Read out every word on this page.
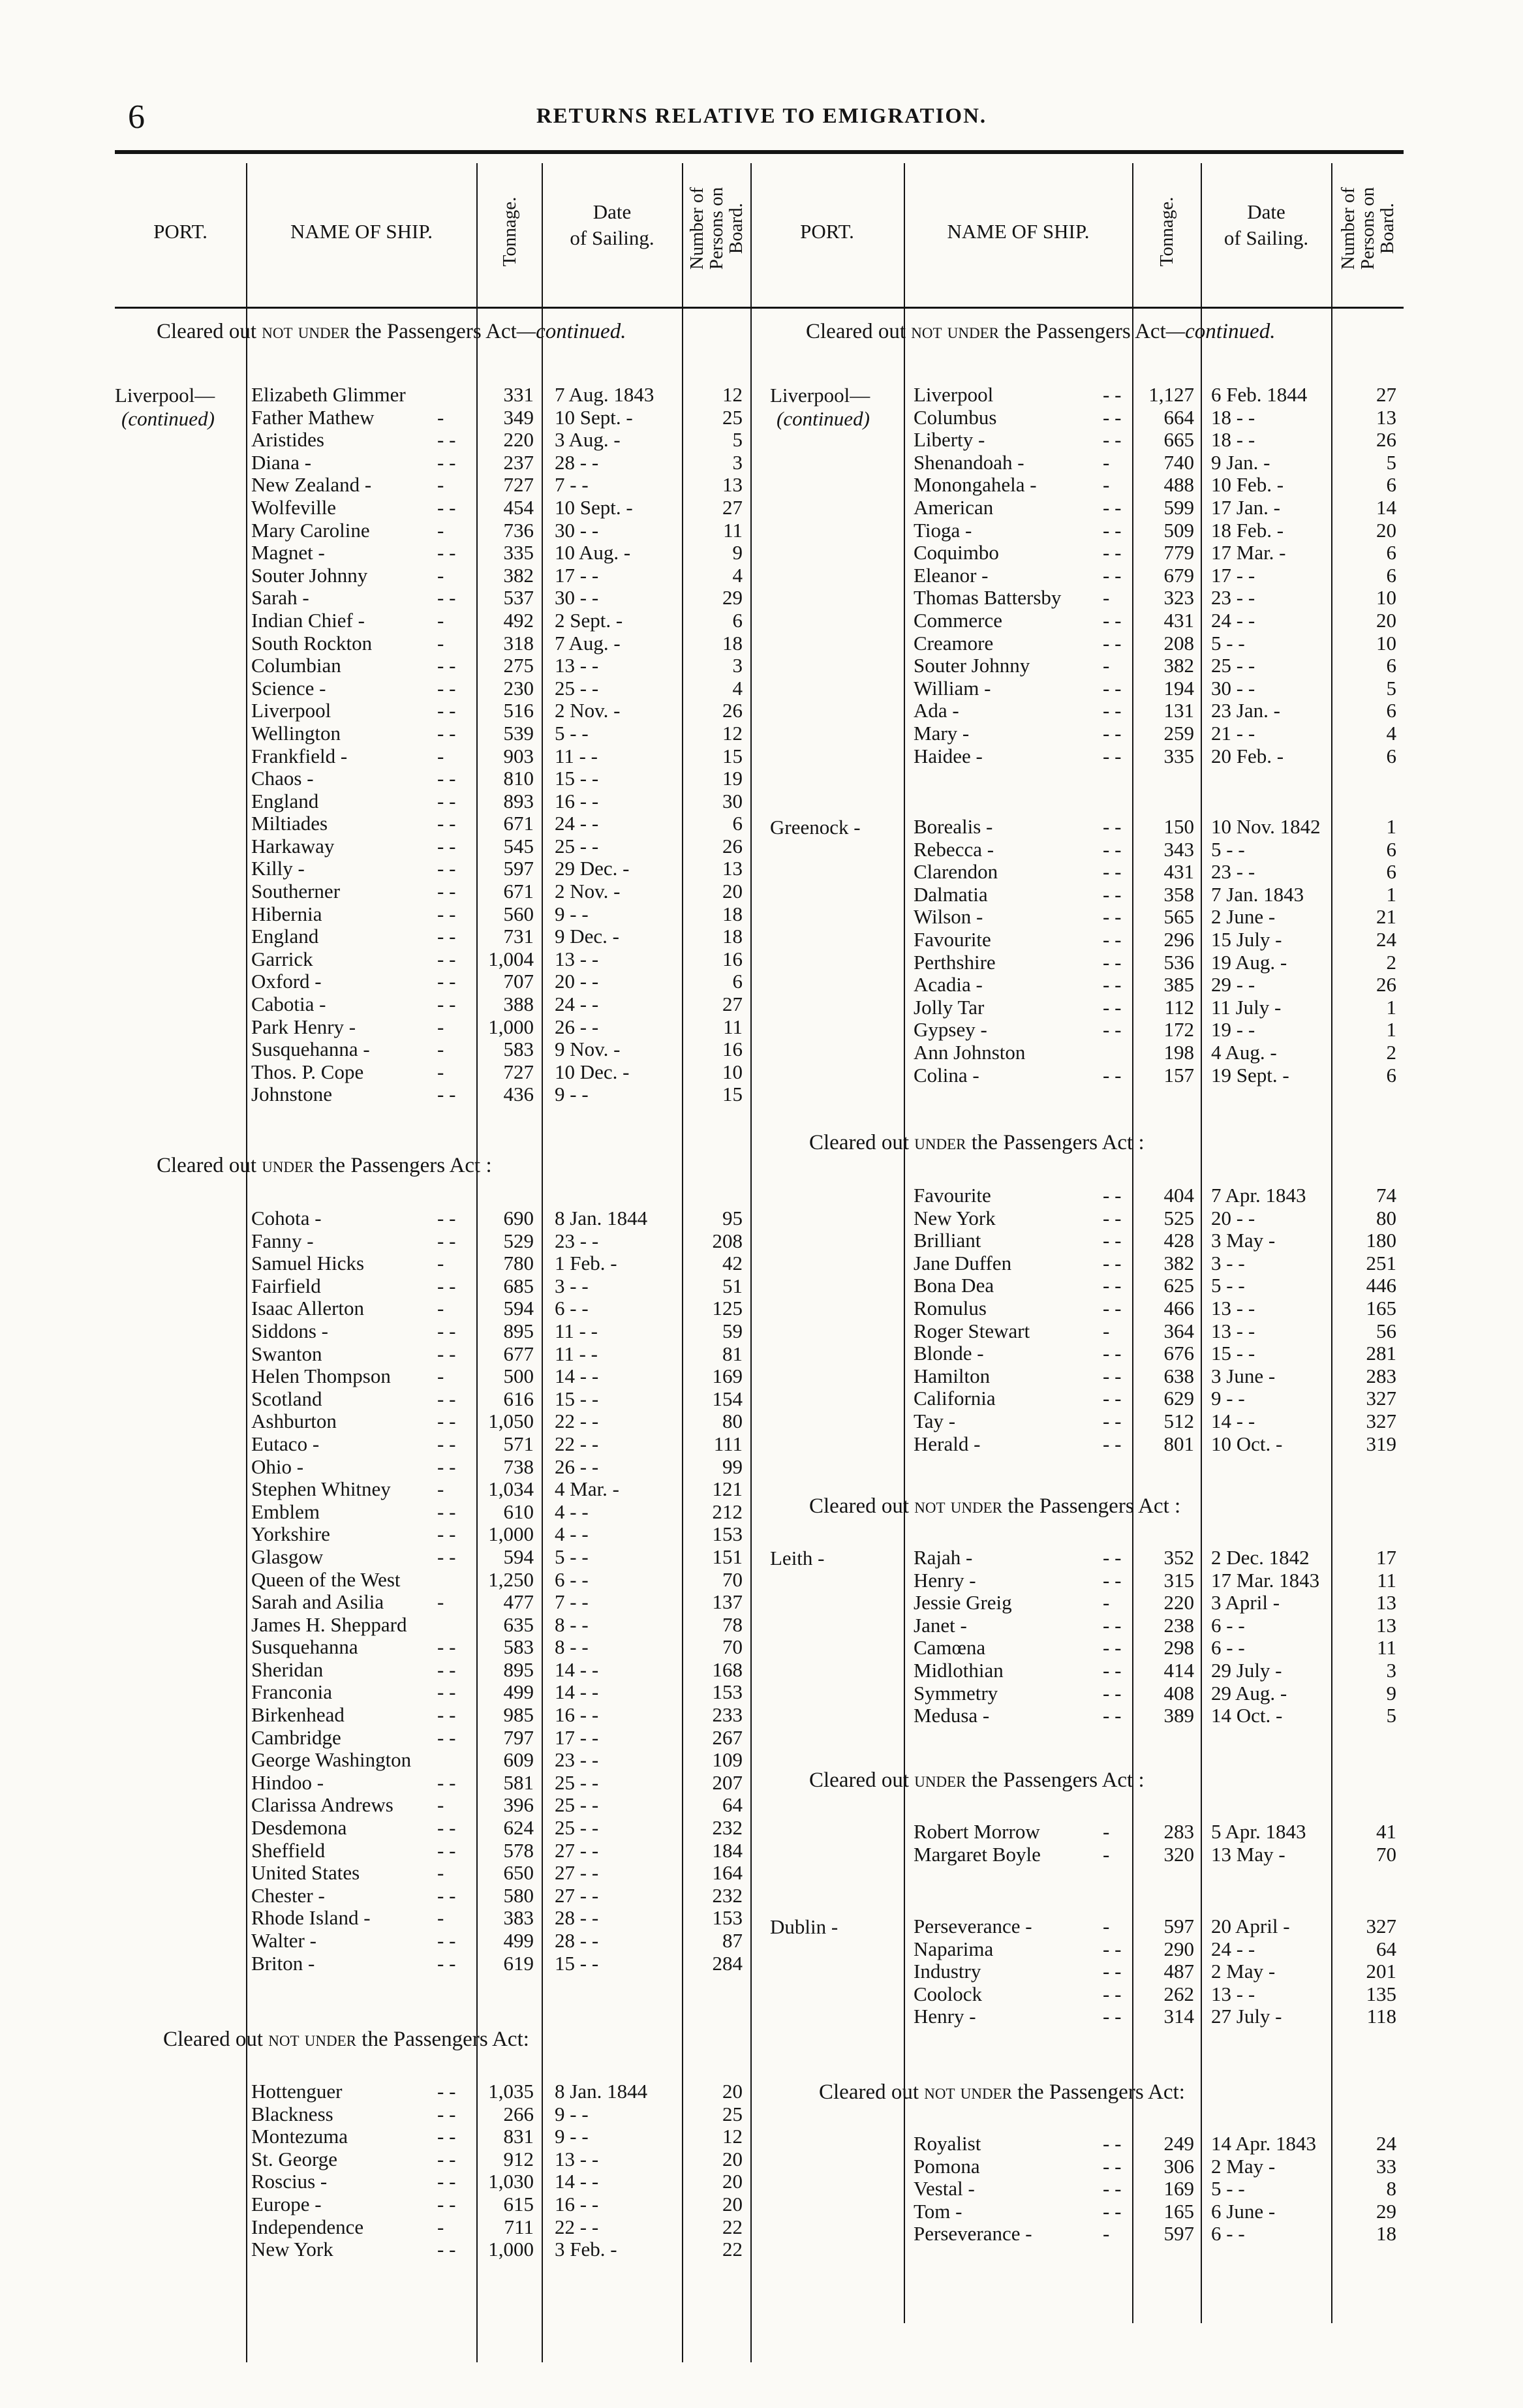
6	RETURNS RELATIVE TO EMIGRATION.
PORT.	NAME OF SHIP.	Tonnage.	Date
of Sailing.	Number of
Persons on
Board.	PORT.	NAME OF SHIP.	Tonnage.	Date
of Sailing.	Number of
Persons on
Board.
Cleared out not under the Passengers Act—continued.
Liverpool—
(continued)
Elizabeth Glimmer	331 7 Aug. 1843	12
Father Mathew	-	349 10 Sept. -	25
Aristides	- -	220 3 Aug. -	5
Diana -	- -	237 28 - -	3
New Zealand -	-	727 7 - -	13
Wolfeville	- -	454 10 Sept. -	27
Mary Caroline	-	736 30 - -	11
Magnet -	- -	335 10 Aug. -	9
Souter Johnny	-	382 17 - -	4
Sarah -	- -	537 30 - -	29
Indian Chief -	-	492 2 Sept. -	6
South Rockton	-	318 7 Aug. -	18
Columbian	- -	275 13 - -	3
Science -	- -	230 25 - -	4
Liverpool	- -	516 2 Nov. -	26
Wellington	- -	539 5 - -	12
Frankfield -	-	903 11 - -	15
Chaos -	- -	810 15 - -	19
England	- -	893 16 - -	30
Miltiades	- -	671 24 - -	6
Harkaway	- -	545 25 - -	26
Killy -	- -	597 29 Dec. -	13
Southerner	- -	671 2 Nov. -	20
Hibernia	- -	560 9 - -	18
England	- -	731 9 Dec. -	18
Garrick	- -	1,004 13 - -	16
Oxford -	- -	707 20 - -	6
Cabotia -	- -	388 24 - -	27
Park Henry -	-	1,000 26 - -	11
Susquehanna -	-	583 9 Nov. -	16
Thos. P. Cope	-	727 10 Dec. -	10
Johnstone	- -	436 9 - -	15
Cleared out under the Passengers Act :
Cohota -	- -	690 8 Jan. 1844	95
Fanny -	- -	529 23 - -	208
Samuel Hicks	-	780 1 Feb. -	42
Fairfield	- -	685 3 - -	51
Isaac Allerton	-	594 6 - -	125
Siddons -	- -	895 11 - -	59
Swanton	- -	677 11 - -	81
Helen Thompson -	500 14 - -	169
Scotland	- -	616 15 - -	154
Ashburton	- -	1,050 22 - -	80
Eutaco -	- -	571 22 - -	111
Ohio -	- -	738 26 - -	99
Stephen Whitney -	1,034 4 Mar. -	121
Emblem	- -	610 4 - -	212
Yorkshire	- -	1,000 4 - -	153
Glasgow	- -	594 5 - -	151
Queen of the West	1,250 6 - -	70
Sarah and Asilia	-	477 7 - -	137
James H. Sheppard	635 8 - -	78
Susquehanna	- -	583 8 - -	70
Sheridan	- -	895 14 - -	168
Franconia	- -	499 14 - -	153
Birkenhead	- -	985 16 - -	233
Cambridge	- -	797 17 - -	267
George Washington	609 23 - -	109
Hindoo -	- -	581 25 - -	207
Clarissa Andrews -	396 25 - -	64
Desdemona	- -	624 25 - -	232
Sheffield	- -	578 27 - -	184
United States	-	650 27 - -	164
Chester -	- -	580 27 - -	232
Rhode Island -	-	383 28 - -	153
Walter -	- -	499 28 - -	87
Briton -	- -	619 15 - -	284
Cleared out not under the Passengers Act:
Hottenguer	- -	1,035 8 Jan. 1844	20
Blackness	- -	266 9 - -	25
Montezuma	- -	831 9 - -	12
St. George	- -	912 13 - -	20
Roscius -	- -	1,030 14 - -	20
Europe -	- -	615 16 - -	20
Independence	-	711 22 - -	22
New York	- -	1,000 3 Feb. -	22
Cleared out not under the Passengers Act—continued.
Liverpool—
(continued)
Liverpool	- -	1,127 6 Feb. 1844	27
Columbus	- -	664 18 - -	13
Liberty -	- -	665 18 - -	26
Shenandoah -	-	740 9 Jan. -	5
Monongahela -	-	488 10 Feb. -	6
American	- -	599 17 Jan. -	14
Tioga -	- -	509 18 Feb. -	20
Coquimbo	- -	779 17 Mar. -	6
Eleanor -	- -	679 17 - -	6
Thomas Battersby -	323 23 - -	10
Commerce	- -	431 24 - -	20
Creamore	- -	208 5 - -	10
Souter Johnny	-	382 25 - -	6
William -	- -	194 30 - -	5
Ada -	- -	131 23 Jan. -	6
Mary -	- -	259 21 - -	4
Haidee -	- -	335 20 Feb. -	6
Greenock -	Borealis -	- -	150 10 Nov. 1842	1
Rebecca -	- -	343 5 - -	6
Clarendon	- -	431 23 - -	6
Dalmatia	- -	358 7 Jan. 1843	1
Wilson -	- -	565 2 June -	21
Favourite	- -	296 15 July -	24
Perthshire	- -	536 19 Aug. -	2
Acadia -	- -	385 29 - -	26
Jolly Tar	- -	112 11 July -	1
Gypsey -	- -	172 19 - -	1
Ann Johnston	198 4 Aug. -	2
Colina -	- -	157 19 Sept. -	6
Cleared out under the Passengers Act :
Favourite	- -	404 7 Apr. 1843	74
New York	- -	525 20 - -	80
Brilliant	- -	428 3 May -	180
Jane Duffen	- -	382 3 - -	251
Bona Dea	- -	625 5 - -	446
Romulus	- -	466 13 - -	165
Roger Stewart	-	364 13 - -	56
Blonde -	- -	676 15 - -	281
Hamilton	- -	638 3 June -	283
California	- -	629 9 - -	327
Tay -	- -	512 14 - -	327
Herald -	- -	801 10 Oct. -	319
Cleared out not under the Passengers Act :
Leith -	Rajah -	- -	352 2 Dec. 1842	17
Henry -	- -	315 17 Mar. 1843	11
Jessie Greig	-	220 3 April -	13
Janet -	- -	238 6 - -	13
Camœna	- -	298 6 - -	11
Midlothian	- -	414 29 July -	3
Symmetry	- -	408 29 Aug. -	9
Medusa -	- -	389 14 Oct. -	5
Cleared out under the Passengers Act :
Robert Morrow	-	283 5 Apr. 1843	41
Margaret Boyle	-	320 13 May -	70
Dublin -	Perseverance -	-	597 20 April -	327
Naparima	- -	290 24 - -	64
Industry	- -	487 2 May -	201
Coolock	- -	262 13 - -	135
Henry -	- -	314 27 July -	118
Cleared out not under the Passengers Act:
Royalist	- -	249 14 Apr. 1843	24
Pomona	- -	306 2 May -	33
Vestal -	- -	169 5 - -	8
Tom -	- -	165 6 June -	29
Perseverance -	-	597 6 - -	18
